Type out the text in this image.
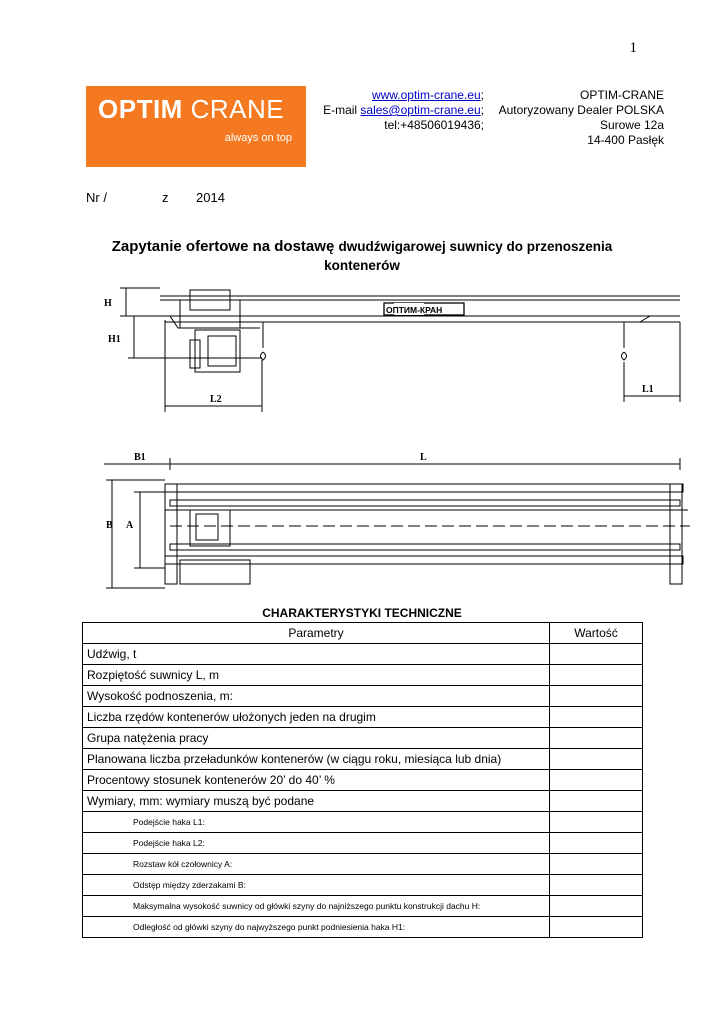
1
OPTIM CRANE
always on top
www.optim-crane.eu;
E-mail sales@optim-crane.eu;
tel:+48506019436;
OPTIM-CRANE
Autoryzowany Dealer POLSKA
Surowe 12a
14-400 Pasłęk
Nr /	z 2014
Zapytanie ofertowe na dostawę dwudźwigarowej suwnicy do przenoszenia kontenerów
H
H1
L2
L1
B1	L
B A
ОПТИМ-КРАН
CHARAKTERYSTYKI TECHNICZNE
Parametry	Wartość
Udźwig, t	
Rozpiętość suwnicy L, m	
Wysokość podnoszenia, m:	
Liczba rzędów kontenerów ułożonych jeden na drugim	
Grupa natężenia pracy	
Planowana liczba przeładunków kontenerów (w ciągu roku, miesiąca lub dnia)	
Procentowy stosunek kontenerów 20’ do 40’ %	
Wymiary, mm: wymiary muszą być podane	
Podejście haka L1:	
Podejście haka L2:	
Rozstaw kół czołownicy A:	
Odstęp między zderzakami B:	
Maksymalna wysokość suwnicy od główki szyny do najniższego punktu konstrukcji dachu H:	
Odległość od główki szyny do najwyższego punkt podniesienia haka H1:	
